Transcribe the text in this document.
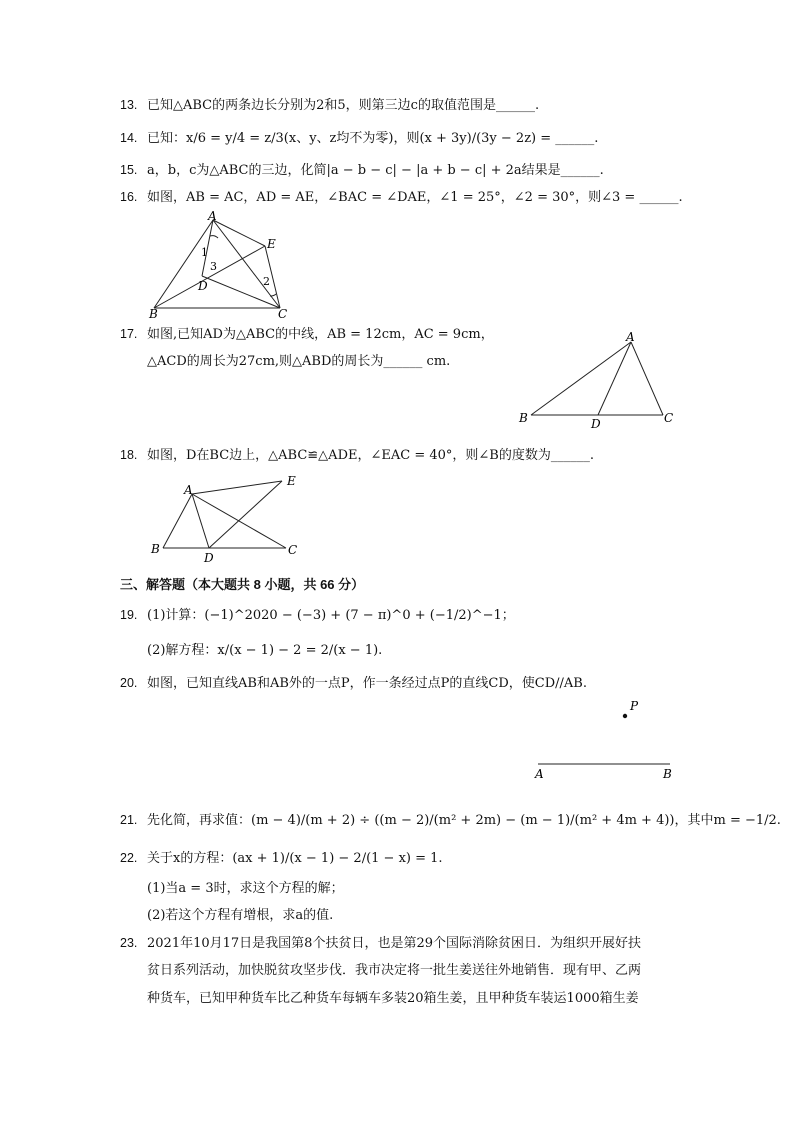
13. 已知△ABC的两条边长分别为2和5，则第三边c的取值范围是______.
14. 已知：x/6 = y/4 = z/3(x、y、z均不为零)，则(x + 3y)/(3y − 2z) = ______.
15. a，b，c为△ABC的三边，化简|a − b − c| − |a + b − c| + 2a结果是______.
16. 如图，AB = AC，AD = AE，∠BAC = ∠DAE，∠1 = 25°，∠2 = 30°，则∠3 = ______.
A
E
B	C
D
1
3
2
17. 如图,已知AD为△ABC的中线，AB = 12cm，AC = 9cm，
△ACD的周长为27cm,则△ABD的周长为______ cm.
A
B	C
D
18. 如图，D在BC边上，△ABC≌△ADE，∠EAC = 40°，则∠B的度数为______.
A
E
B	C
D
三、解答题（本大题共 8 小题，共 66 分）
19. (1)计算：(−1)^2020 − (−3) + (7 − π)^0 + (−1/2)^−1；
(2)解方程：x/(x − 1) − 2 = 2/(x − 1).
20. 如图，已知直线AB和AB外的一点P，作一条经过点P的直线CD，使CD//AB.
P
A	B
21. 先化简，再求值：(m − 4)/(m + 2) ÷ ((m − 2)/(m² + 2m) − (m − 1)/(m² + 4m + 4))，其中m = −1/2.
22. 关于x的方程：(ax + 1)/(x − 1) − 2/(1 − x) = 1.
(1)当a = 3时，求这个方程的解；
(2)若这个方程有增根，求a的值.
23. 2021年10月17日是我国第8个扶贫日，也是第29个国际消除贫困日．为组织开展好扶
贫日系列活动，加快脱贫攻坚步伐．我市决定将一批生姜送往外地销售．现有甲、乙两
种货车，已知甲种货车比乙种货车每辆车多装20箱生姜，且甲种货车装运1000箱生姜
